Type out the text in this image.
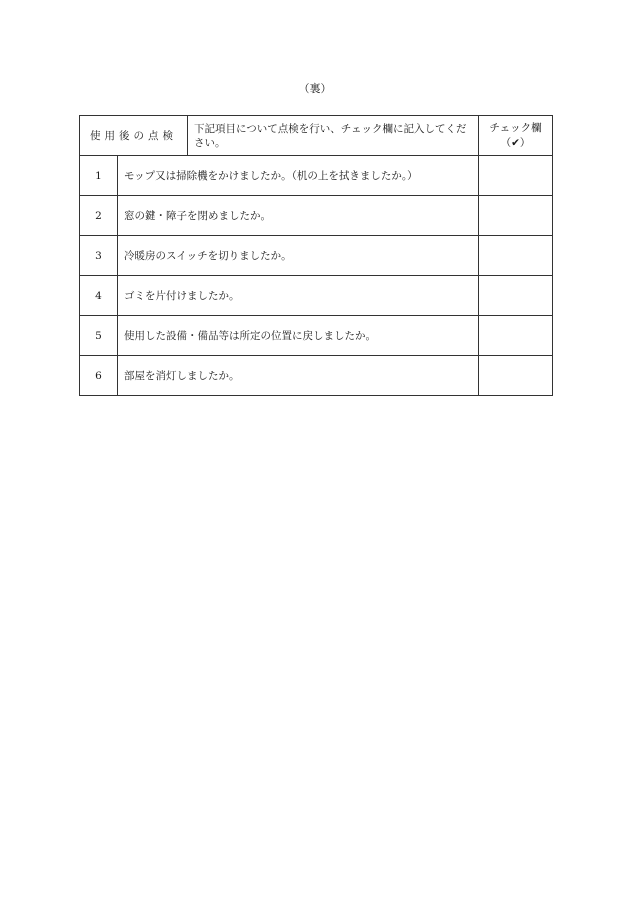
（裏）
使用後の点検		下記項目について点検を行い、チェック欄に記入してください。	チェック欄
（✔）

1	モップ又は掃除機をかけましたか。（机の上を拭きましたか。）		
2	窓の鍵・障子を閉めましたか。		
3	冷暖房のスイッチを切りましたか。		
4	ゴミを片付けましたか。		
5	使用した設備・備品等は所定の位置に戻しましたか。		
6	部屋を消灯しましたか。		
